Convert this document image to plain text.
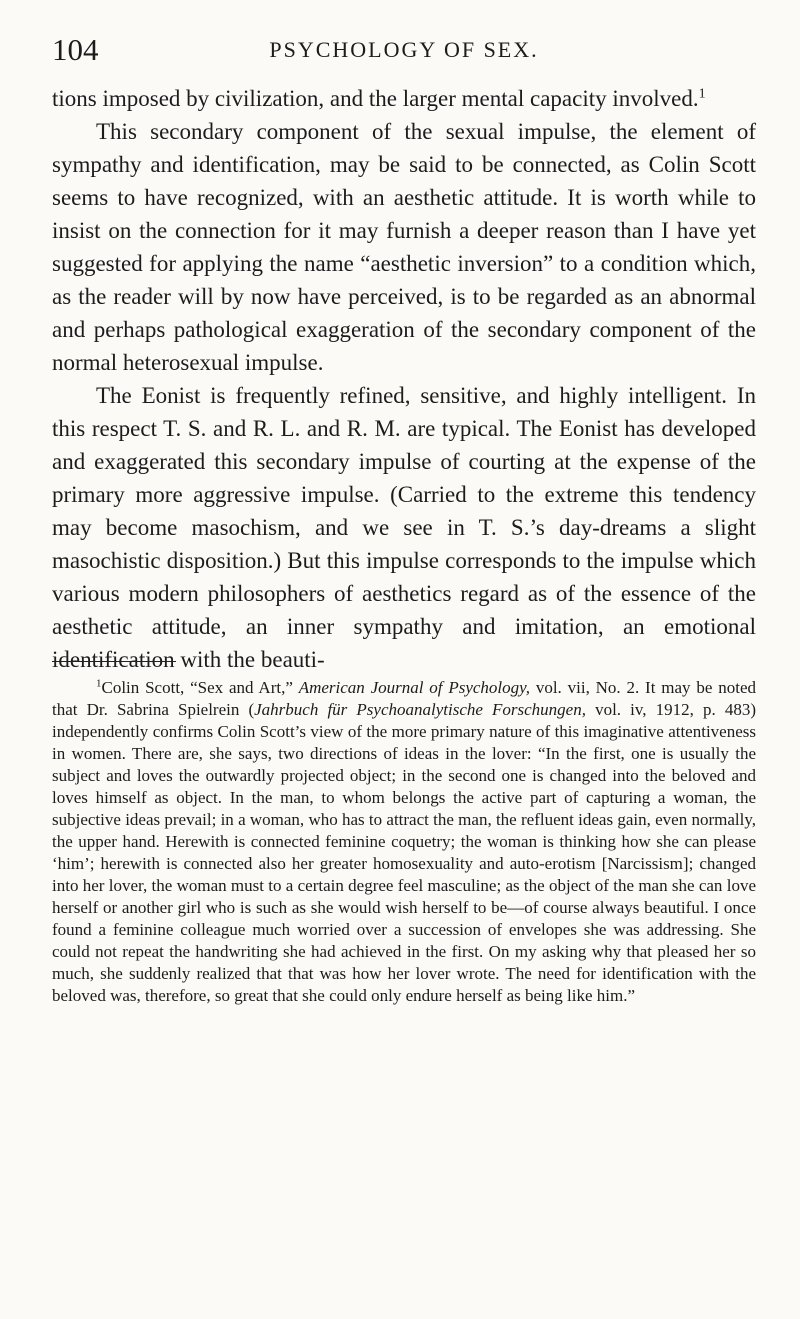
104	PSYCHOLOGY OF SEX.

tions imposed by civilization, and the larger mental capacity involved.$^1$

This secondary component of the sexual impulse, the element of sympathy and identification, may be said to be connected, as Colin Scott seems to have recognized, with an aesthetic attitude. It is worth while to insist on the connection for it may furnish a deeper reason than I have yet suggested for applying the name “aesthetic inversion” to a condition which, as the reader will by now have perceived, is to be regarded as an abnormal and perhaps pathological exaggeration of the secondary component of the normal heterosexual impulse.

The Eonist is frequently refined, sensitive, and highly intelligent. In this respect T. S. and R. L. and R. M. are typical. The Eonist has developed and exaggerated this secondary impulse of courting at the expense of the primary more aggressive impulse. (Carried to the extreme this tendency may become masochism, and we see in T. S.’s day-dreams a slight masochistic disposition.) But this impulse corresponds to the impulse which various modern philosophers of aesthetics regard as of the essence of the aesthetic attitude, an inner sympathy and imitation, an emotional identification with the beauti-

$^1$Colin Scott, “Sex and Art,” American Journal of Psychology, vol. vii, No. 2. It may be noted that Dr. Sabrina Spielrein (Jahrbuch für Psychoanalytische Forschungen, vol. iv, 1912, p. 483) independently confirms Colin Scott’s view of the more primary nature of this imaginative attentiveness in women. There are, she says, two directions of ideas in the lover: “In the first, one is usually the subject and loves the outwardly projected object; in the second one is changed into the beloved and loves himself as object. In the man, to whom belongs the active part of capturing a woman, the subjective ideas prevail; in a woman, who has to attract the man, the refluent ideas gain, even normally, the upper hand. Herewith is connected feminine coquetry; the woman is thinking how she can please ‘him’; herewith is connected also her greater homosexuality and auto-erotism [Narcissism]; changed into her lover, the woman must to a certain degree feel masculine; as the object of the man she can love herself or another girl who is such as she would wish herself to be—of course always beautiful. I once found a feminine colleague much worried over a succession of envelopes she was addressing. She could not repeat the handwriting she had achieved in the first. On my asking why that pleased her so much, she suddenly realized that that was how her lover wrote. The need for identification with the beloved was, therefore, so great that she could only endure herself as being like him.”
